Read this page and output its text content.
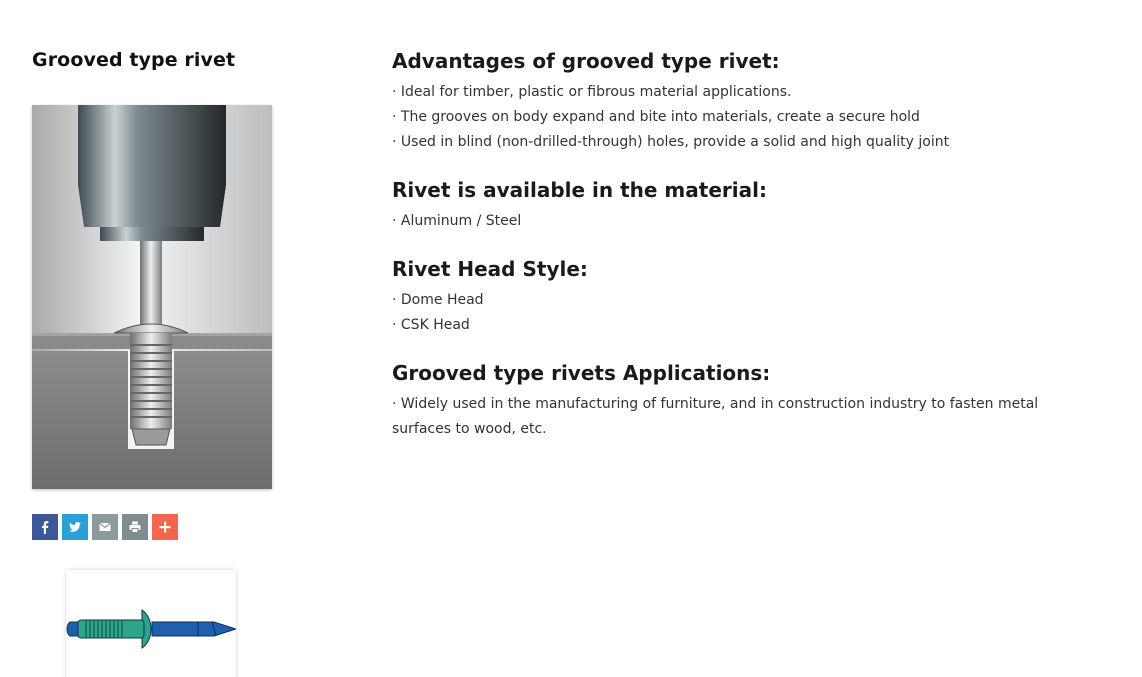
Grooved type rivet	Advantages of grooved type rivet:
· Ideal for timber, plastic or fibrous material applications.
· The grooves on body expand and bite into materials, create a secure hold
· Used in blind (non-drilled-through) holes, provide a solid and high quality joint
Rivet is available in the material:
· Aluminum / Steel
Rivet Head Style:
· Dome Head
· CSK Head
Grooved type rivets Applications:
· Widely used in the manufacturing of furniture, and in construction industry to fasten metal surfaces to wood, etc.
